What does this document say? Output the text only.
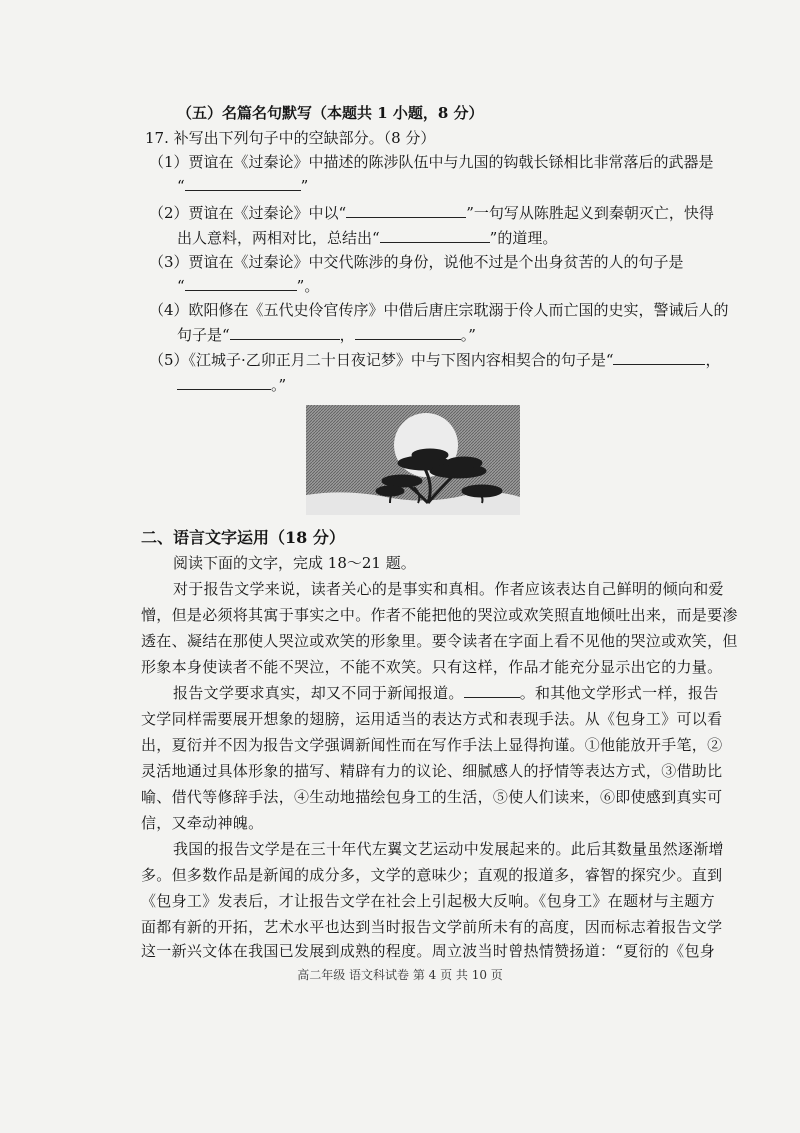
（五）名篇名句默写（本题共 1 小题，8 分）
17. 补写出下列句子中的空缺部分。（8 分）
（1）贾谊在《过秦论》中描述的陈涉队伍中与九国的钩戟长铩相比非常落后的武器是
“	”
（2）贾谊在《过秦论》中以“	”一句写从陈胜起义到秦朝灭亡，快得
出人意料，两相对比，总结出“	”的道理。
（3）贾谊在《过秦论》中交代陈涉的身份，说他不过是个出身贫苦的人的句子是
“	”。
（4）欧阳修在《五代史伶官传序》中借后唐庄宗耽溺于伶人而亡国的史实，警诫后人的
句子是“	，	。”
（5）《江城子·乙卯正月二十日夜记梦》中与下图内容相契合的句子是“	，
。”
二、语言文字运用（18 分）
阅读下面的文字，完成 18～21 题。
对于报告文学来说，读者关心的是事实和真相。作者应该表达自己鲜明的倾向和爱
憎，但是必须将其寓于事实之中。作者不能把他的哭泣或欢笑照直地倾吐出来，而是要渗
透在、凝结在那使人哭泣或欢笑的形象里。要令读者在字面上看不见他的哭泣或欢笑，但
形象本身使读者不能不哭泣，不能不欢笑。只有这样，作品才能充分显示出它的力量。
报告文学要求真实，却又不同于新闻报道。	。和其他文学形式一样，报告
文学同样需要展开想象的翅膀，运用适当的表达方式和表现手法。从《包身工》可以看
出，夏衍并不因为报告文学强调新闻性而在写作手法上显得拘谨。①他能放开手笔，②
灵活地通过具体形象的描写、精辟有力的议论、细腻感人的抒情等表达方式，③借助比
喻、借代等修辞手法，④生动地描绘包身工的生活，⑤使人们读来，⑥即使感到真实可
信，又牵动神魄。
我国的报告文学是在三十年代左翼文艺运动中发展起来的。此后其数量虽然逐渐增
多。但多数作品是新闻的成分多，文学的意味少；直观的报道多，睿智的探究少。直到
《包身工》发表后，才让报告文学在社会上引起极大反响。《包身工》在题材与主题方
面都有新的开拓，艺术水平也达到当时报告文学前所未有的高度，因而标志着报告文学
这一新兴文体在我国已发展到成熟的程度。周立波当时曾热情赞扬道：“夏衍的《包身
高二年级 语文科试卷 第 4 页 共 10 页
